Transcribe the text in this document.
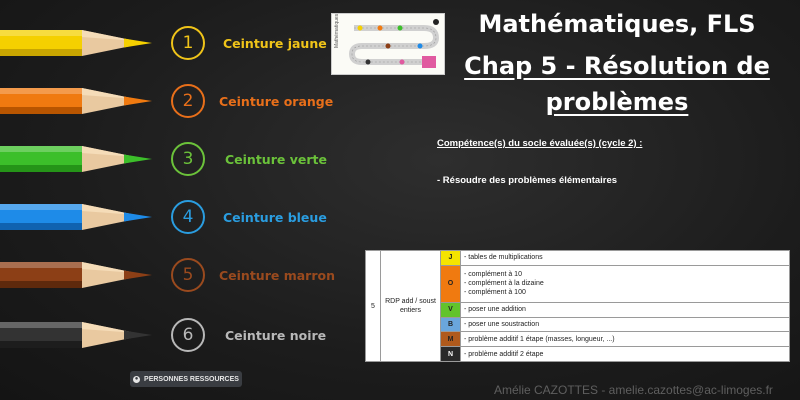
Mathématiques	Mathématiques, FLS
Chap 5 - Résolution de problèmes
Compétence(s) du socle évaluée(s) (cycle 2) :
- Résoudre des problèmes élémentaires
5	RDP add / soust entiers	J	- tables de multiplications

		O	- complément à 10
- complément à la dizaine
- complément à 100

		V	- poser une addition

		B	- poser une soustraction

		M	- problème additif 1 étape (masses, longueur, ...)

		N	- problème additif 2 étape
● PERSONNES RESSOURCES
Amélie CAZOTTES - amelie.cazottes@ac-limoges.fr
1	Ceinture jaune
2	Ceinture orange
3	Ceinture verte
4	Ceinture bleue
5	Ceinture marron
6	Ceinture noire
